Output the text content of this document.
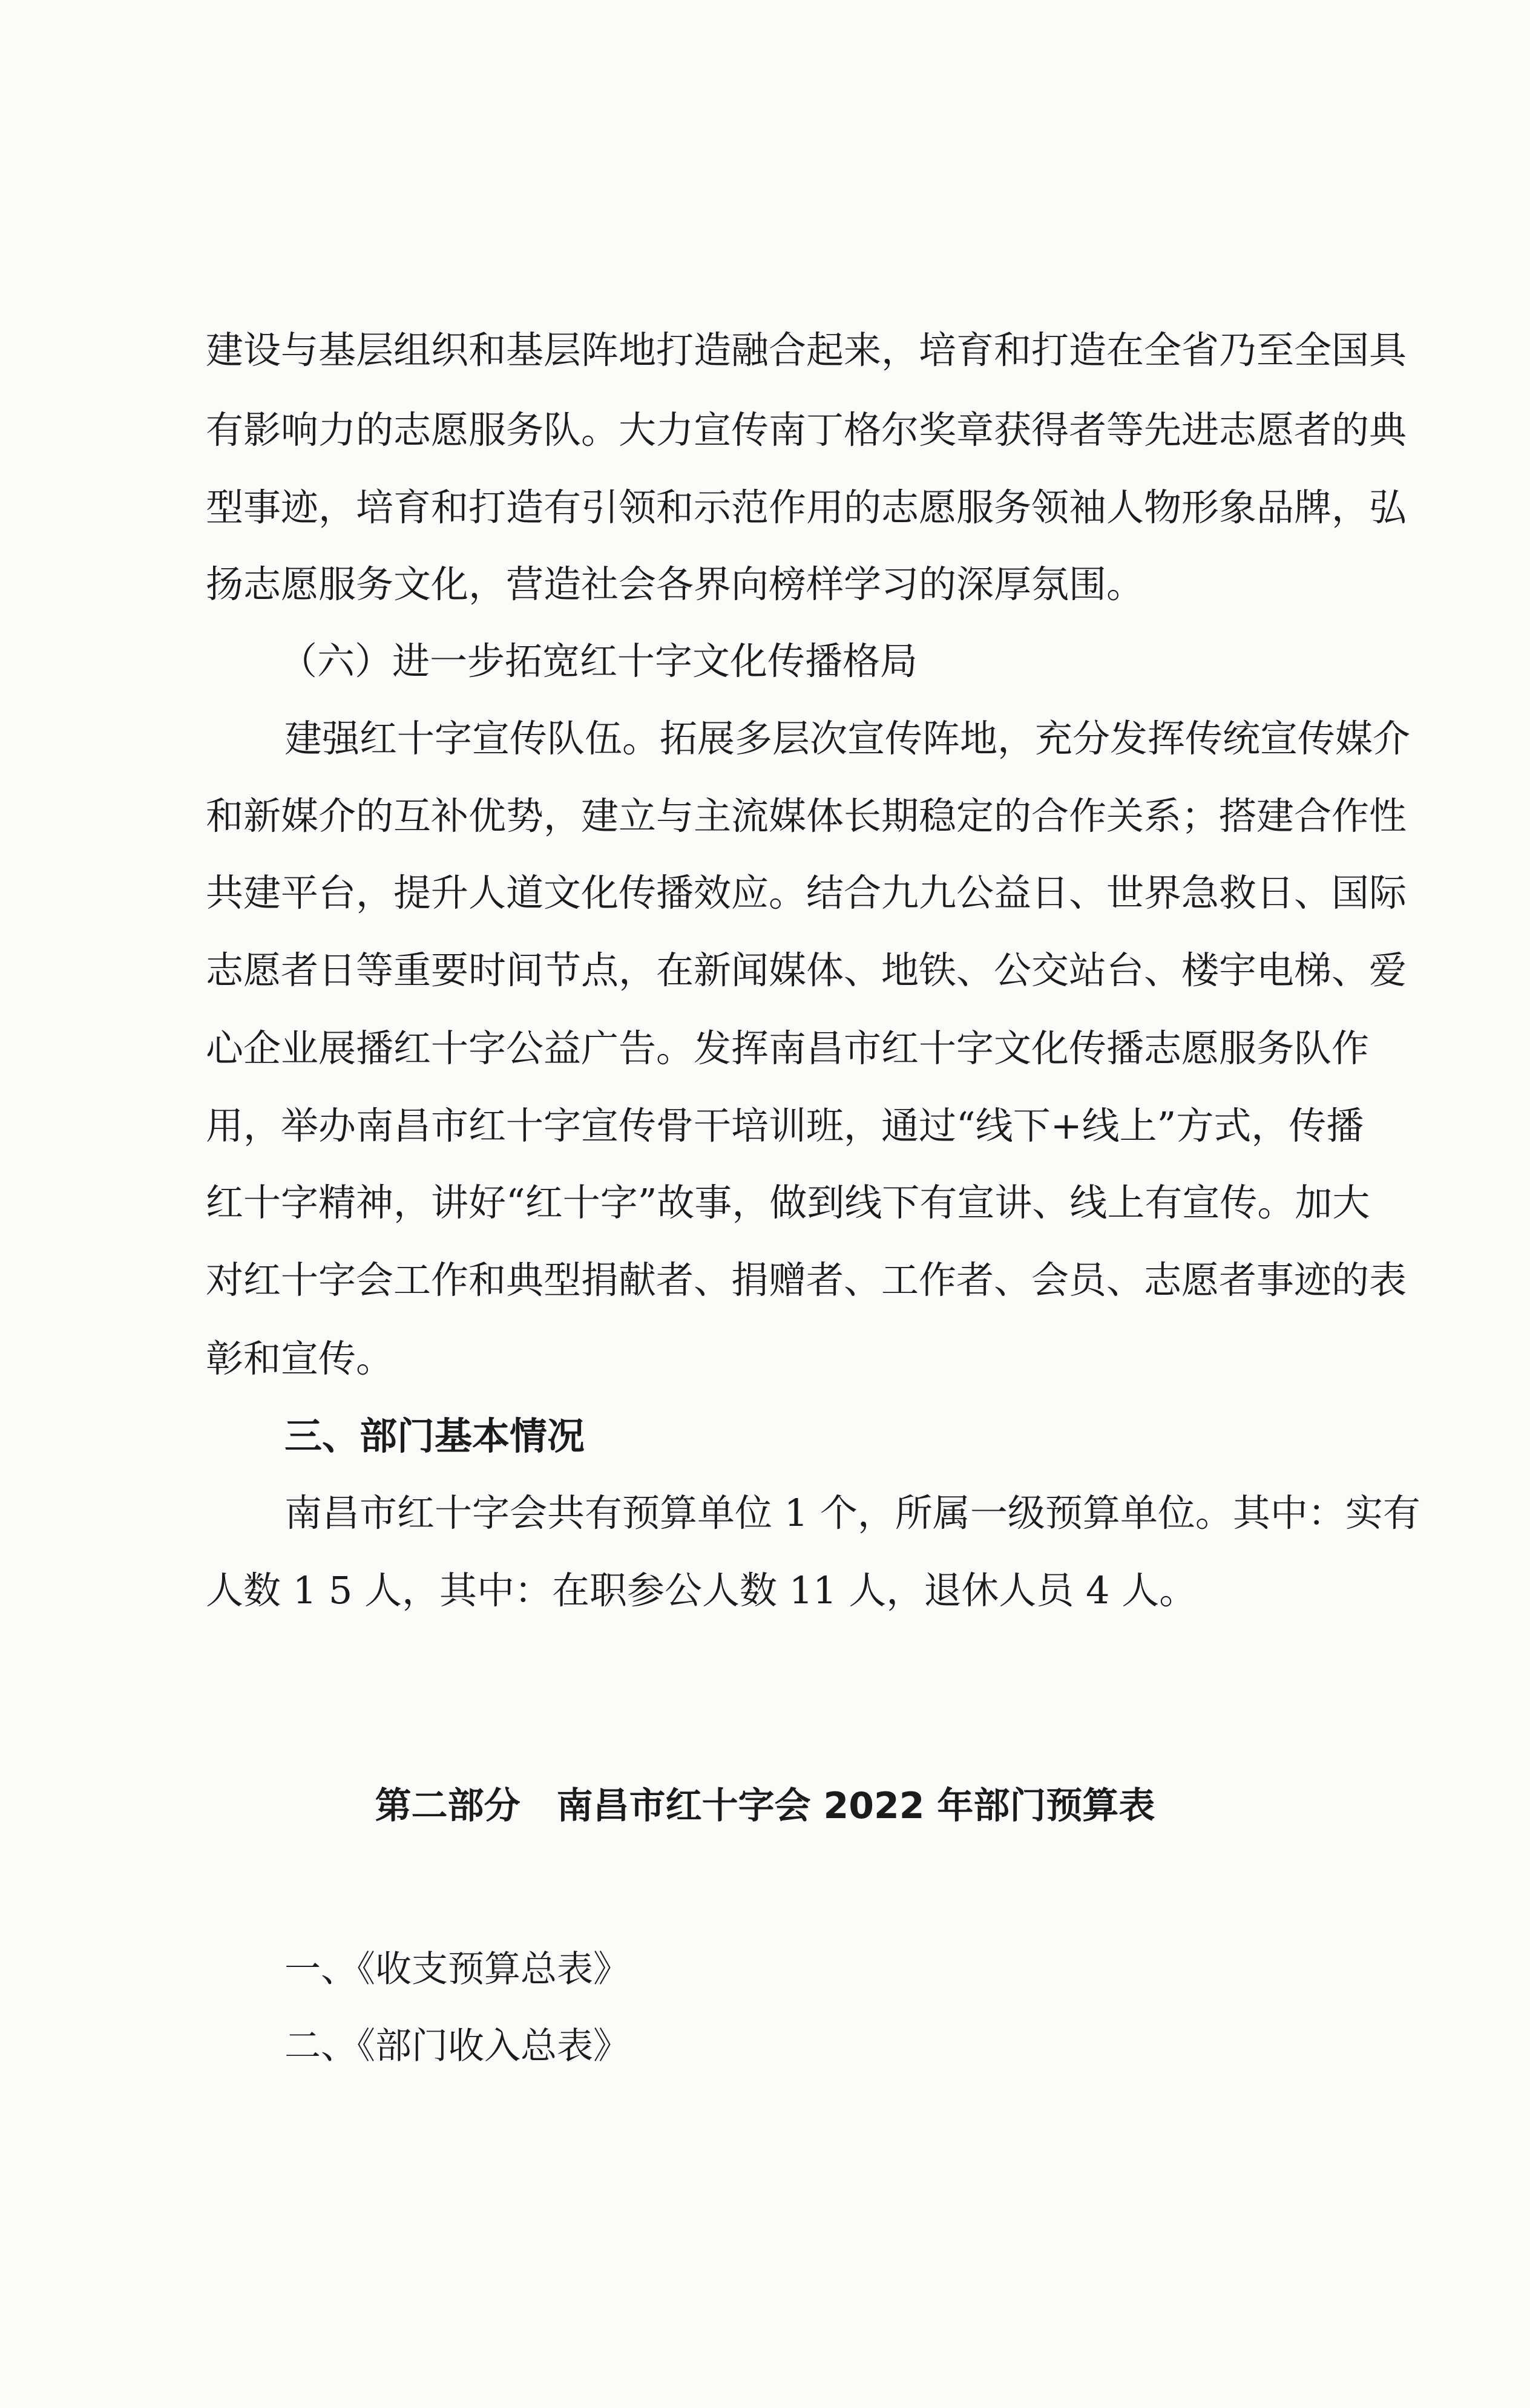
建设与基层组织和基层阵地打造融合起来，培育和打造在全省乃至全国具
有影响力的志愿服务队。大力宣传南丁格尔奖章获得者等先进志愿者的典
型事迹，培育和打造有引领和示范作用的志愿服务领袖人物形象品牌，弘
扬志愿服务文化，营造社会各界向榜样学习的深厚氛围。
（六）进一步拓宽红十字文化传播格局
建强红十字宣传队伍。拓展多层次宣传阵地，充分发挥传统宣传媒介
和新媒介的互补优势，建立与主流媒体长期稳定的合作关系；搭建合作性
共建平台，提升人道文化传播效应。结合九九公益日、世界急救日、国际
志愿者日等重要时间节点，在新闻媒体、地铁、公交站台、楼宇电梯、爱
心企业展播红十字公益广告。发挥南昌市红十字文化传播志愿服务队作
用，举办南昌市红十字宣传骨干培训班，通过“线下+线上”方式，传播
红十字精神，讲好“红十字”故事，做到线下有宣讲、线上有宣传。加大
对红十字会工作和典型捐献者、捐赠者、工作者、会员、志愿者事迹的表
彰和宣传。
三、部门基本情况
南昌市红十字会共有预算单位 1 个，所属一级预算单位。其中：实有
人数 1 5 人，其中：在职参公人数 11 人，退休人员 4 人。
第二部分　南昌市红十字会 2022 年部门预算表
一、《收支预算总表》
二、《部门收入总表》
